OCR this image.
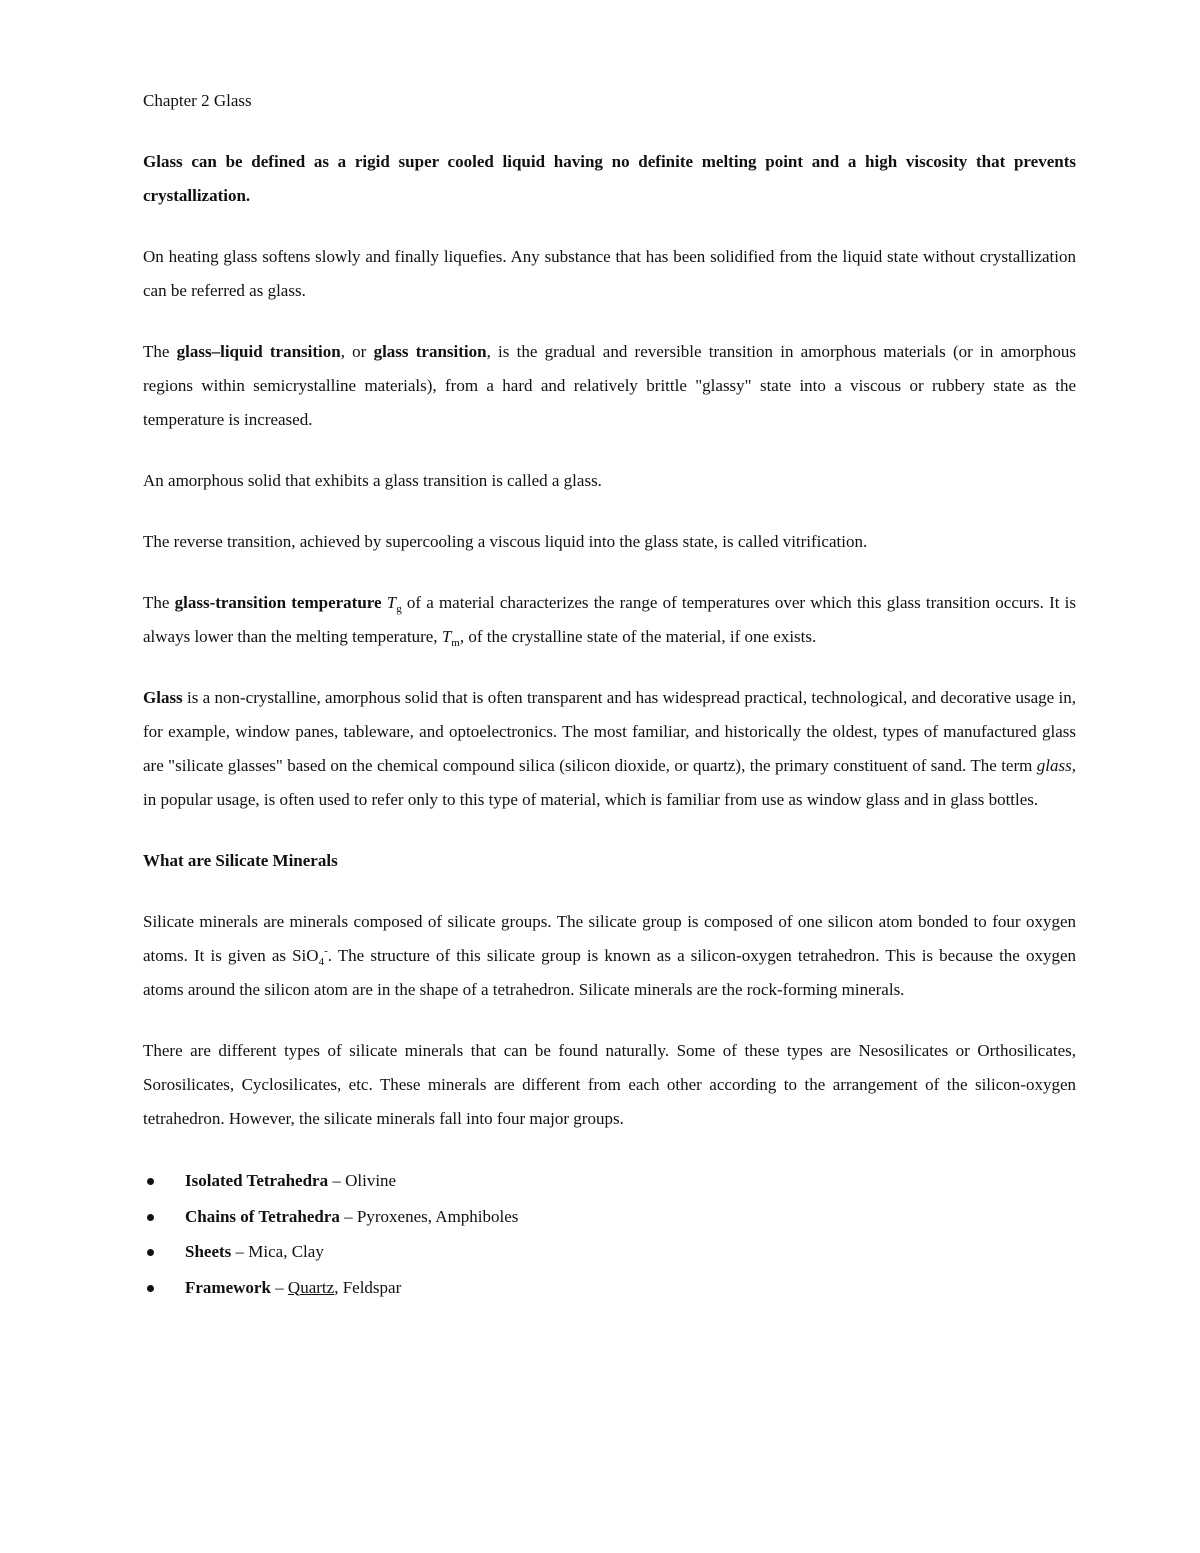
Chapter 2 Glass

Glass can be defined as a rigid super cooled liquid having no definite melting point and a high viscosity that prevents crystallization.

On heating glass softens slowly and finally liquefies. Any substance that has been solidified from the liquid state without crystallization can be referred as glass.

The glass–liquid transition, or glass transition, is the gradual and reversible transition in amorphous materials (or in amorphous regions within semicrystalline materials), from a hard and relatively brittle "glassy" state into a viscous or rubbery state as the temperature is increased.

An amorphous solid that exhibits a glass transition is called a glass.

The reverse transition, achieved by supercooling a viscous liquid into the glass state, is called vitrification.

The glass-transition temperature $T_g$ of a material characterizes the range of temperatures over which this glass transition occurs. It is always lower than the melting temperature, $T_m$, of the crystalline state of the material, if one exists.

Glass is a non-crystalline, amorphous solid that is often transparent and has widespread practical, technological, and decorative usage in, for example, window panes, tableware, and optoelectronics. The most familiar, and historically the oldest, types of manufactured glass are "silicate glasses" based on the chemical compound silica (silicon dioxide, or quartz), the primary constituent of sand. The term glass, in popular usage, is often used to refer only to this type of material, which is familiar from use as window glass and in glass bottles.

What are Silicate Minerals

Silicate minerals are minerals composed of silicate groups. The silicate group is composed of one silicon atom bonded to four oxygen atoms. It is given as SiO$_4$-. The structure of this silicate group is known as a silicon-oxygen tetrahedron. This is because the oxygen atoms around the silicon atom are in the shape of a tetrahedron. Silicate minerals are the rock-forming minerals.

There are different types of silicate minerals that can be found naturally. Some of these types are Nesosilicates or Orthosilicates, Sorosilicates, Cyclosilicates, etc. These minerals are different from each other according to the arrangement of the silicon-oxygen tetrahedron. However, the silicate minerals fall into four major groups.

Isolated Tetrahedra – Olivine
Chains of Tetrahedra – Pyroxenes, Amphiboles
Sheets – Mica, Clay
Framework – Quartz, Feldspar
